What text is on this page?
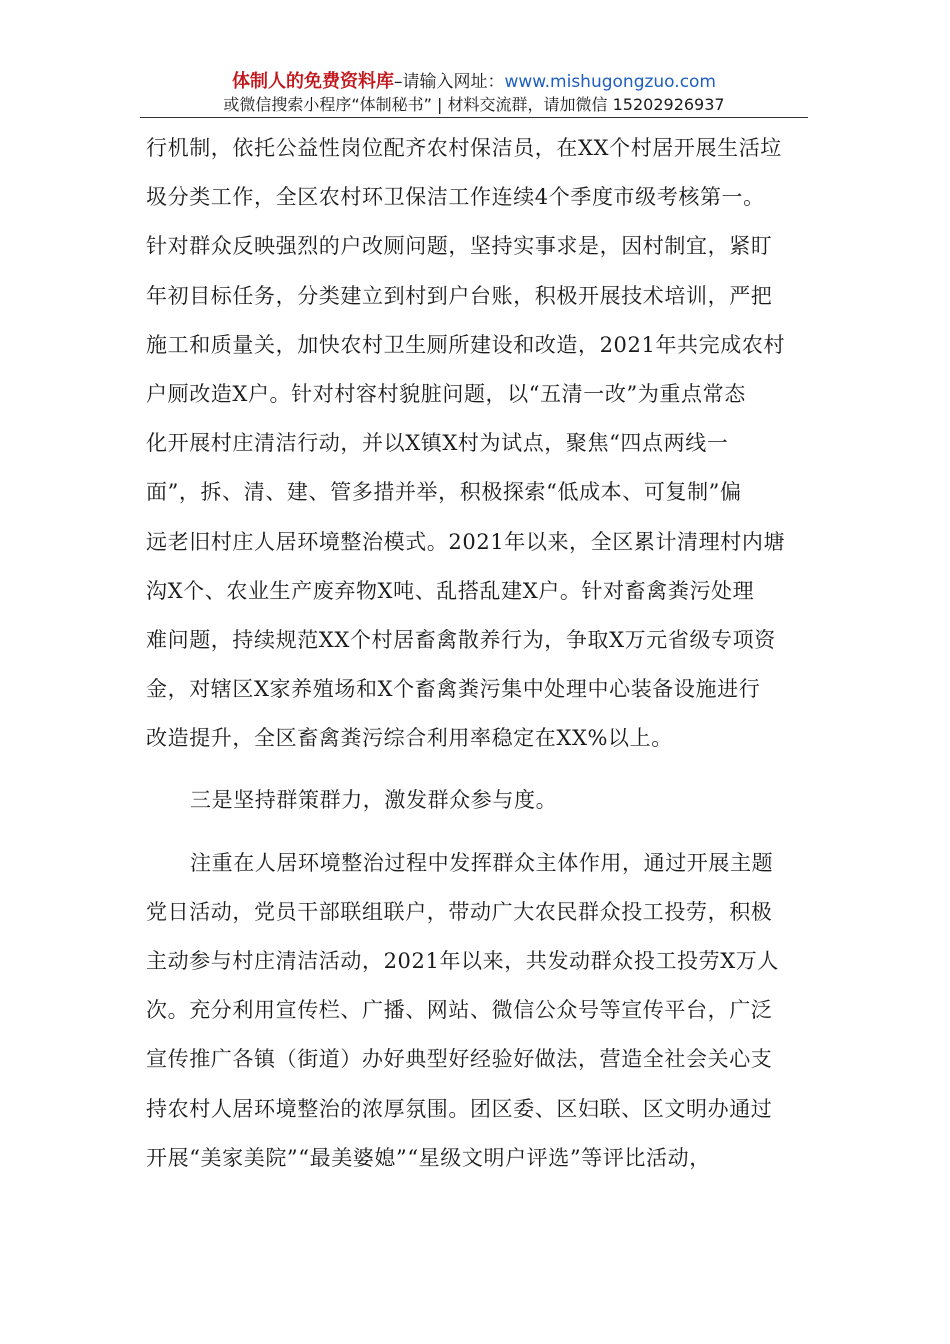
体制人的免费资料库–请输入网址：www.mishugongzuo.com
或微信搜索小程序“体制秘书” | 材料交流群，请加微信 15202926937
行机制，依托公益性岗位配齐农村保洁员，在XX个村居开展生活垃
圾分类工作，全区农村环卫保洁工作连续4个季度市级考核第一。
针对群众反映强烈的户改厕问题，坚持实事求是，因村制宜，紧盯
年初目标任务，分类建立到村到户台账，积极开展技术培训，严把
施工和质量关，加快农村卫生厕所建设和改造，2021年共完成农村
户厕改造X户。针对村容村貌脏问题，以“五清一改”为重点常态
化开展村庄清洁行动，并以X镇X村为试点，聚焦“四点两线一
面”，拆、清、建、管多措并举，积极探索“低成本、可复制”偏
远老旧村庄人居环境整治模式。2021年以来，全区累计清理村内塘
沟X个、农业生产废弃物X吨、乱搭乱建X户。针对畜禽粪污处理
难问题，持续规范XX个村居畜禽散养行为，争取X万元省级专项资
金，对辖区X家养殖场和X个畜禽粪污集中处理中心装备设施进行
改造提升，全区畜禽粪污综合利用率稳定在XX%以上。
三是坚持群策群力，激发群众参与度。
注重在人居环境整治过程中发挥群众主体作用，通过开展主题
党日活动，党员干部联组联户，带动广大农民群众投工投劳，积极
主动参与村庄清洁活动，2021年以来，共发动群众投工投劳X万人
次。充分利用宣传栏、广播、网站、微信公众号等宣传平台，广泛
宣传推广各镇（街道）办好典型好经验好做法，营造全社会关心支
持农村人居环境整治的浓厚氛围。团区委、区妇联、区文明办通过
开展“美家美院”“最美婆媳”“星级文明户评选”等评比活动，
